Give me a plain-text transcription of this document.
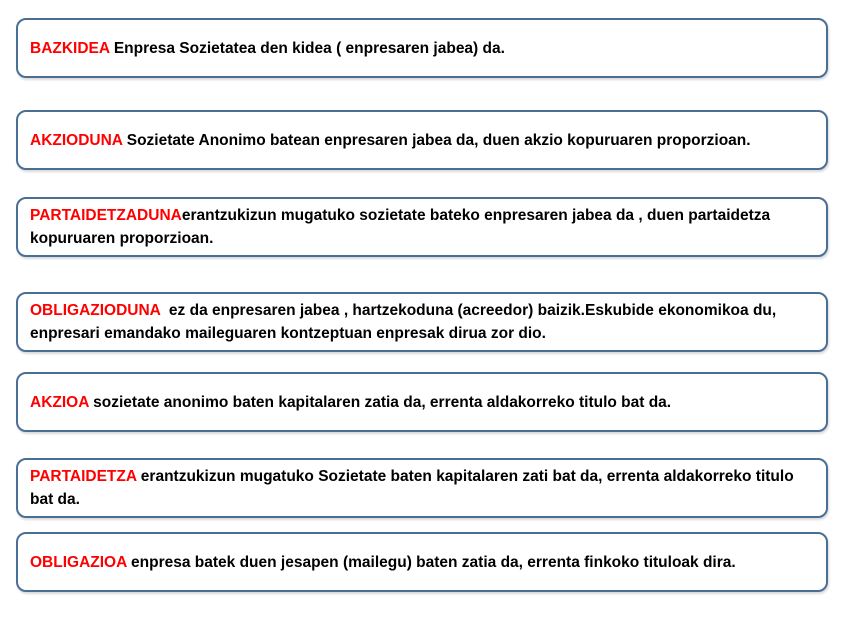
BAZKIDEA Enpresa Sozietatea den kidea ( enpresaren jabea) da.
AKZIODUNA Sozietate Anonimo batean enpresaren jabea da, duen akzio kopuruaren proporzioan.
PARTAIDETZADUNAerantzukizun mugatuko sozietate bateko enpresaren jabea da , duen partaidetza kopuruaren proporzioan.
OBLIGAZIODUNA  ez da enpresaren jabea , hartzekoduna (acreedor) baizik.Eskubide ekonomikoa du, enpresari emandako maileguaren kontzeptuan enpresak dirua zor dio.
AKZIOA sozietate anonimo baten kapitalaren zatia da, errenta aldakorreko titulo bat da.
PARTAIDETZA erantzukizun mugatuko Sozietate baten kapitalaren zati bat da, errenta aldakorreko titulo bat da.
OBLIGAZIOA enpresa batek duen jesapen (mailegu) baten zatia da, errenta finkoko tituloak dira.
